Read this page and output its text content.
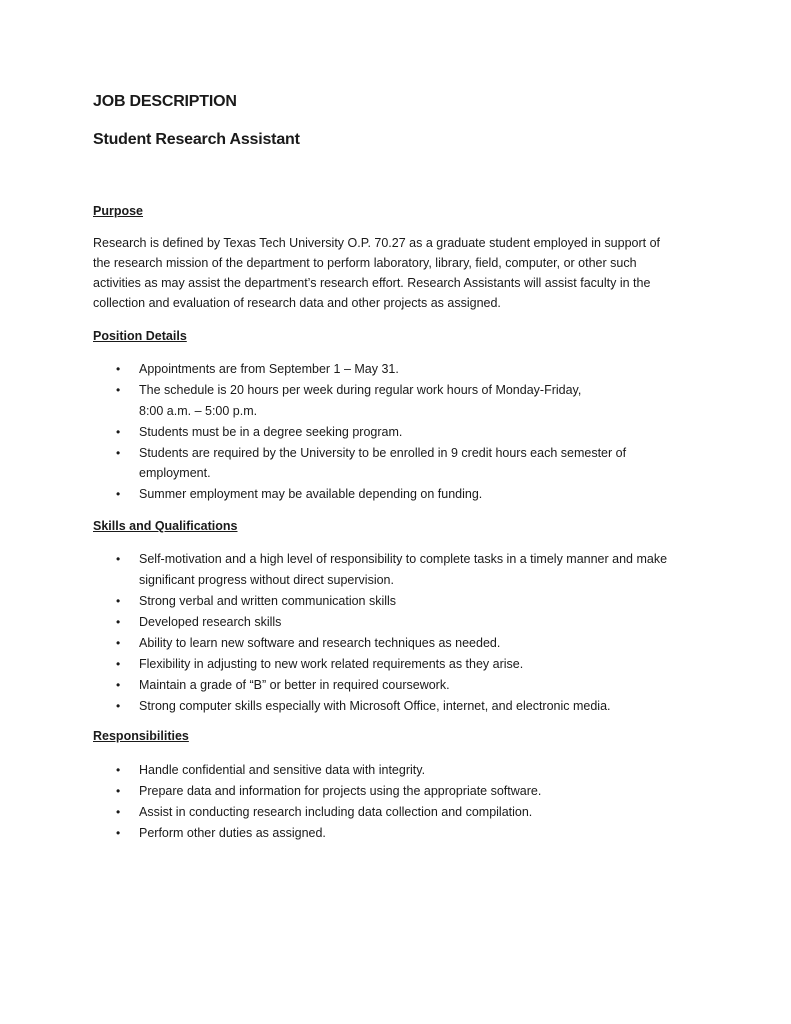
JOB DESCRIPTION
Student Research Assistant
Purpose

Research is defined by Texas Tech University O.P. 70.27 as a graduate student employed in support of
the research mission of the department to perform laboratory, library, field, computer, or other such
activities as may assist the department’s research effort. Research Assistants will assist faculty in the
collection and evaluation of research data and other projects as assigned.

Position Details
• Appointments are from September 1 – May 31.
• The schedule is 20 hours per week during regular work hours of Monday-Friday,
8:00 a.m. – 5:00 p.m.
• Students must be in a degree seeking program.
• Students are required by the University to be enrolled in 9 credit hours each semester of
employment.
• Summer employment may be available depending on funding.
Skills and Qualifications
• Self-motivation and a high level of responsibility to complete tasks in a timely manner and make
significant progress without direct supervision.
• Strong verbal and written communication skills
• Developed research skills
• Ability to learn new software and research techniques as needed.
• Flexibility in adjusting to new work related requirements as they arise.
• Maintain a grade of “B” or better in required coursework.
• Strong computer skills especially with Microsoft Office, internet, and electronic media.
Responsibilities
• Handle confidential and sensitive data with integrity.
• Prepare data and information for projects using the appropriate software.
• Assist in conducting research including data collection and compilation.
• Perform other duties as assigned.
